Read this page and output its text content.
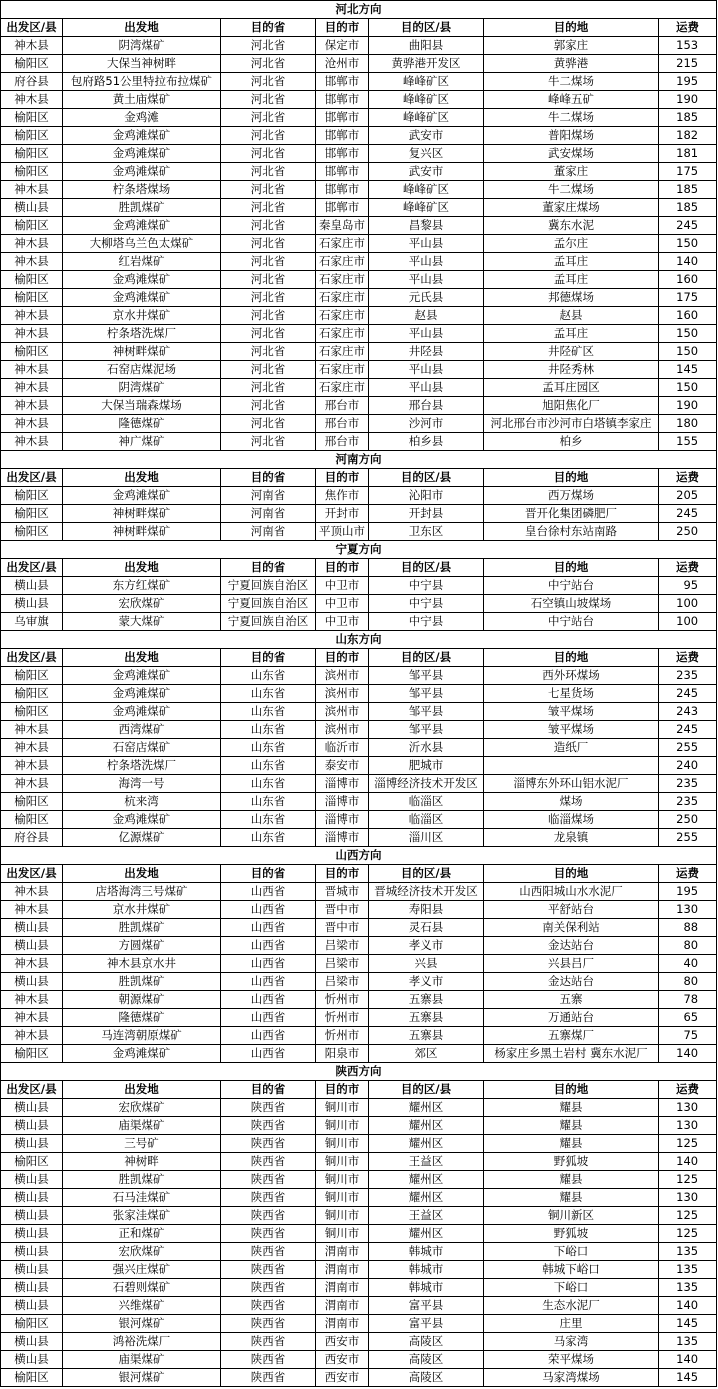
河北方向						
出发区/县	出发地	目的省	目的市	目的区/县	目的地	运费
神木县	阴湾煤矿	河北省	保定市	曲阳县	郭家庄	153
榆阳区	大保当神树畔	河北省	沧州市	黄骅港开发区	黄骅港	215
府谷县	包府路51公里特拉布拉煤矿	河北省	邯郸市	峰峰矿区	牛二煤场	195
神木县	黄土庙煤矿	河北省	邯郸市	峰峰矿区	峰峰五矿	190
榆阳区	金鸡滩	河北省	邯郸市	峰峰矿区	牛二煤场	185
榆阳区	金鸡滩煤矿	河北省	邯郸市	武安市	普阳煤场	182
榆阳区	金鸡滩煤矿	河北省	邯郸市	复兴区	武安煤场	181
榆阳区	金鸡滩煤矿	河北省	邯郸市	武安市	董家庄	175
神木县	柠条塔煤场	河北省	邯郸市	峰峰矿区	牛二煤场	185
横山县	胜凯煤矿	河北省	邯郸市	峰峰矿区	董家庄煤场	185
榆阳区	金鸡滩煤矿	河北省	秦皇岛市	昌黎县	冀东水泥	245
神木县	大柳塔乌兰色太煤矿	河北省	石家庄市	平山县	孟尔庄	150
神木县	红岩煤矿	河北省	石家庄市	平山县	孟耳庄	140
榆阳区	金鸡滩煤矿	河北省	石家庄市	平山县	孟耳庄	160
榆阳区	金鸡滩煤矿	河北省	石家庄市	元氏县	邦德煤场	175
神木县	京水井煤矿	河北省	石家庄市	赵县	赵县	160
神木县	柠条塔洗煤厂	河北省	石家庄市	平山县	孟耳庄	150
榆阳区	神树畔煤矿	河北省	石家庄市	井陉县	井陉矿区	150
神木县	石窑店煤泥场	河北省	石家庄市	平山县	井陉秀林	145
神木县	阴湾煤矿	河北省	石家庄市	平山县	孟耳庄园区	150
神木县	大保当瑞森煤场	河北省	邢台市	邢台县	旭阳焦化厂	190
神木县	隆德煤矿	河北省	邢台市	沙河市	河北邢台市沙河市白塔镇李家庄	180
神木县	神广煤矿	河北省	邢台市	柏乡县	柏乡	155
河南方向						
出发区/县	出发地	目的省	目的市	目的区/县	目的地	运费
榆阳区	金鸡滩煤矿	河南省	焦作市	沁阳市	西万煤场	205
榆阳区	神树畔煤矿	河南省	开封市	开封县	晋开化集团磷肥厂	245
榆阳区	神树畔煤矿	河南省	平顶山市	卫东区	皇台徐村东站南路	250
宁夏方向						
出发区/县	出发地	目的省	目的市	目的区/县	目的地	运费
横山县	东方红煤矿	宁夏回族自治区	中卫市	中宁县	中宁站台	95
横山县	宏欣煤矿	宁夏回族自治区	中卫市	中宁县	石空镇山坡煤场	100
乌审旗	蒙大煤矿	宁夏回族自治区	中卫市	中宁县	中宁站台	100
山东方向						
出发区/县	出发地	目的省	目的市	目的区/县	目的地	运费
榆阳区	金鸡滩煤矿	山东省	滨州市	邹平县	西外环煤场	235
榆阳区	金鸡滩煤矿	山东省	滨州市	邹平县	七星货场	245
榆阳区	金鸡滩煤矿	山东省	滨州市	邹平县	皱平煤场	243
神木县	西湾煤矿	山东省	滨州市	邹平县	皱平煤场	245
神木县	石窑店煤矿	山东省	临沂市	沂水县	造纸厂	255
神木县	柠条塔洗煤厂	山东省	泰安市	肥城市		240
神木县	海湾一号	山东省	淄博市	淄博经济技术开发区	淄博东外环山铝水泥厂	235
榆阳区	杭来湾	山东省	淄博市	临淄区	煤场	235
榆阳区	金鸡滩煤矿	山东省	淄博市	临淄区	临淄煤场	250
府谷县	亿源煤矿	山东省	淄博市	淄川区	龙泉镇	255
山西方向						
出发区/县	出发地	目的省	目的市	目的区/县	目的地	运费
神木县	店塔海湾三号煤矿	山西省	晋城市	晋城经济技术开发区	山西阳城山水水泥厂	195
神木县	京水井煤矿	山西省	晋中市	寿阳县	平舒站台	130
横山县	胜凯煤矿	山西省	晋中市	灵石县	南关保利站	88
横山县	方圆煤矿	山西省	吕梁市	孝义市	金达站台	80
神木县	神木县京水井	山西省	吕梁市	兴县	兴县吕厂	40
横山县	胜凯煤矿	山西省	吕梁市	孝义市	金达站台	80
神木县	朝源煤矿	山西省	忻州市	五寨县	五寨	78
神木县	隆德煤矿	山西省	忻州市	五寨县	万通站台	65
神木县	马连湾朝原煤矿	山西省	忻州市	五寨县	五寨煤厂	75
榆阳区	金鸡滩煤矿	山西省	阳泉市	郊区	杨家庄乡黑土岩村 冀东水泥厂	140
陕西方向						
出发区/县	出发地	目的省	目的市	目的区/县	目的地	运费
横山县	宏欣煤矿	陕西省	铜川市	耀州区	耀县	130
横山县	庙渠煤矿	陕西省	铜川市	耀州区	耀县	130
横山县	三号矿	陕西省	铜川市	耀州区	耀县	125
榆阳区	神树畔	陕西省	铜川市	王益区	野狐坡	140
横山县	胜凯煤矿	陕西省	铜川市	耀州区	耀县	125
横山县	石马洼煤矿	陕西省	铜川市	耀州区	耀县	130
横山县	张家洼煤矿	陕西省	铜川市	王益区	铜川新区	125
横山县	正和煤矿	陕西省	铜川市	耀州区	野狐坡	125
横山县	宏欣煤矿	陕西省	渭南市	韩城市	下峪口	135
横山县	强兴庄煤矿	陕西省	渭南市	韩城市	韩城下峪口	135
横山县	石碧则煤矿	陕西省	渭南市	韩城市	下峪口	135
横山县	兴维煤矿	陕西省	渭南市	富平县	生态水泥厂	140
榆阳区	银河煤矿	陕西省	渭南市	富平县	庄里	145
横山县	鸿裕洗煤厂	陕西省	西安市	高陵区	马家湾	135
横山县	庙渠煤矿	陕西省	西安市	高陵区	荣平煤场	140
榆阳区	银河煤矿	陕西省	西安市	高陵区	马家湾煤场	145
